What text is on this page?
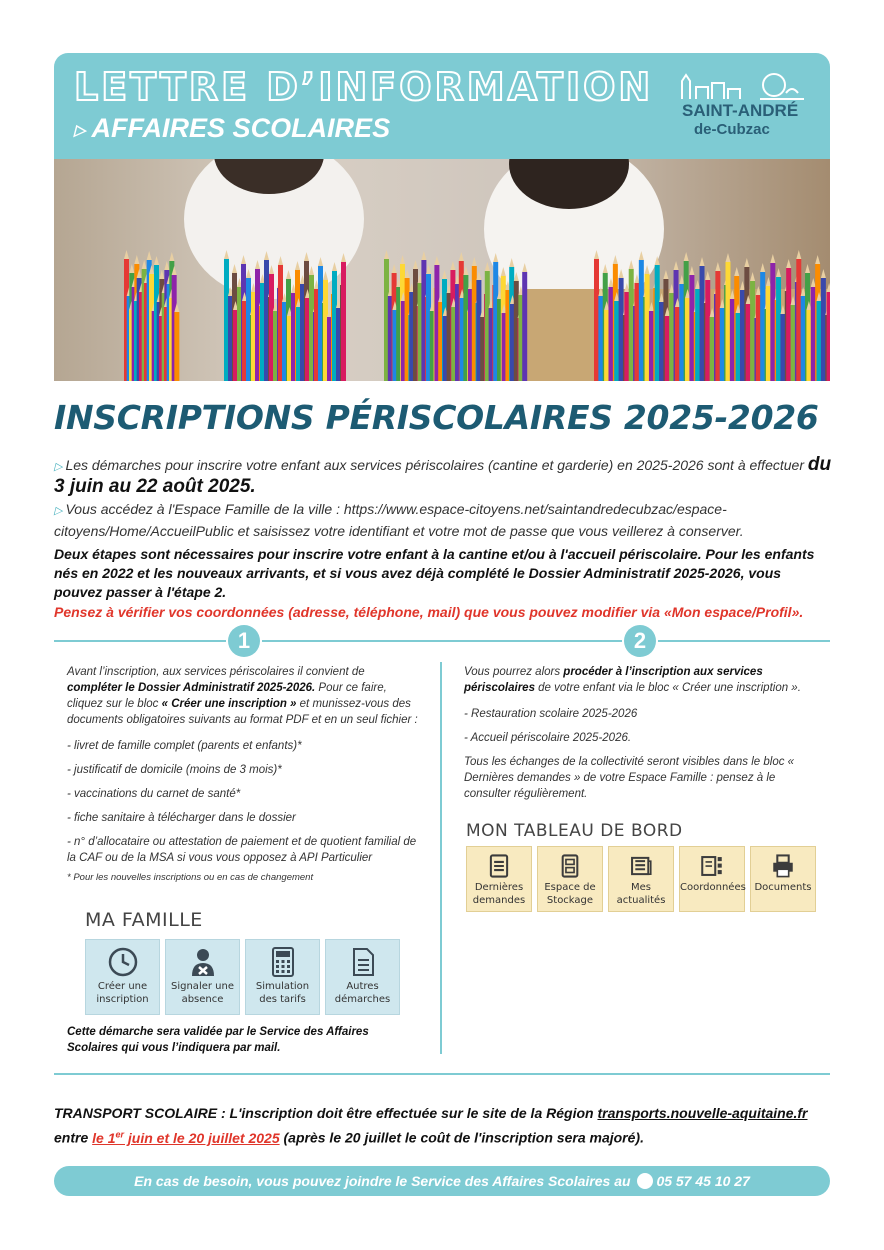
LETTRE D’INFORMATION
▷ AFFAIRES SCOLAIRES
SAINT-ANDRÉ
de-Cubzac
INSCRIPTIONS PÉRISCOLAIRES 2025-2026
▷ Les démarches pour inscrire votre enfant aux services périscolaires (cantine et garderie) en 2025-2026 sont à effectuer du 3 juin au 22 août 2025.
▷ Vous accédez à l'Espace Famille de la ville : https://www.espace-citoyens.net/saintandredecubzac/espace-citoyens/Home/AccueilPublic et saisissez votre identifiant et votre mot de passe que vous veillerez à conserver.
Deux étapes sont nécessaires pour inscrire votre enfant à la cantine et/ou à l'accueil périscolaire. Pour les enfants nés en 2022 et les nouveaux arrivants, et si vous avez déjà complété le Dossier Administratif 2025-2026, vous pouvez passer à l'étape 2.
Pensez à vérifier vos coordonnées (adresse, téléphone, mail) que vous pouvez modifier via «Mon espace/Profil».
1	2

Avant l’inscription, aux services périscolaires il convient de compléter le Dossier Administratif 2025-2026. Pour ce faire, cliquez sur le bloc « Créer une inscription » et munissez-vous des documents obligatoires suivants au format PDF et en un seul fichier :

- livret de famille complet (parents et enfants)*

- justificatif de domicile (moins de 3 mois)*

- vaccinations du carnet de santé*

- fiche sanitaire à télécharger dans le dossier

- n° d’allocataire ou attestation de paiement et de quotient familial de la CAF ou de la MSA si vous vous opposez à API Particulier

* Pour les nouvelles inscriptions ou en cas de changement

MA FAMILLE
Créer une inscription
Signaler une absence
Simulation des tarifs
Autres démarches
Cette démarche sera validée par le Service des Affaires Scolaires qui vous l’indiquera par mail.

Vous pourrez alors procéder à l’inscription aux services périscolaires de votre enfant via le bloc « Créer une inscription ».

- Restauration scolaire 2025-2026

- Accueil périscolaire 2025-2026.

Tous les échanges de la collectivité seront visibles dans le bloc « Dernières demandes » de votre Espace Famille : pensez à le consulter régulièrement.

MON TABLEAU DE BORD
Dernières demandes
Espace de Stockage
Mes actualités
Coordonnées Documents
TRANSPORT SCOLAIRE : L'inscription doit être effectuée sur le site de la Région transports.nouvelle-aquitaine.fr
entre le 1er juin et le 20 juillet 2025 (après le 20 juillet le coût de l'inscription sera majoré).
En cas de besoin, vous pouvez joindre le Service des Affaires Scolaires au 05 57 45 10 27
